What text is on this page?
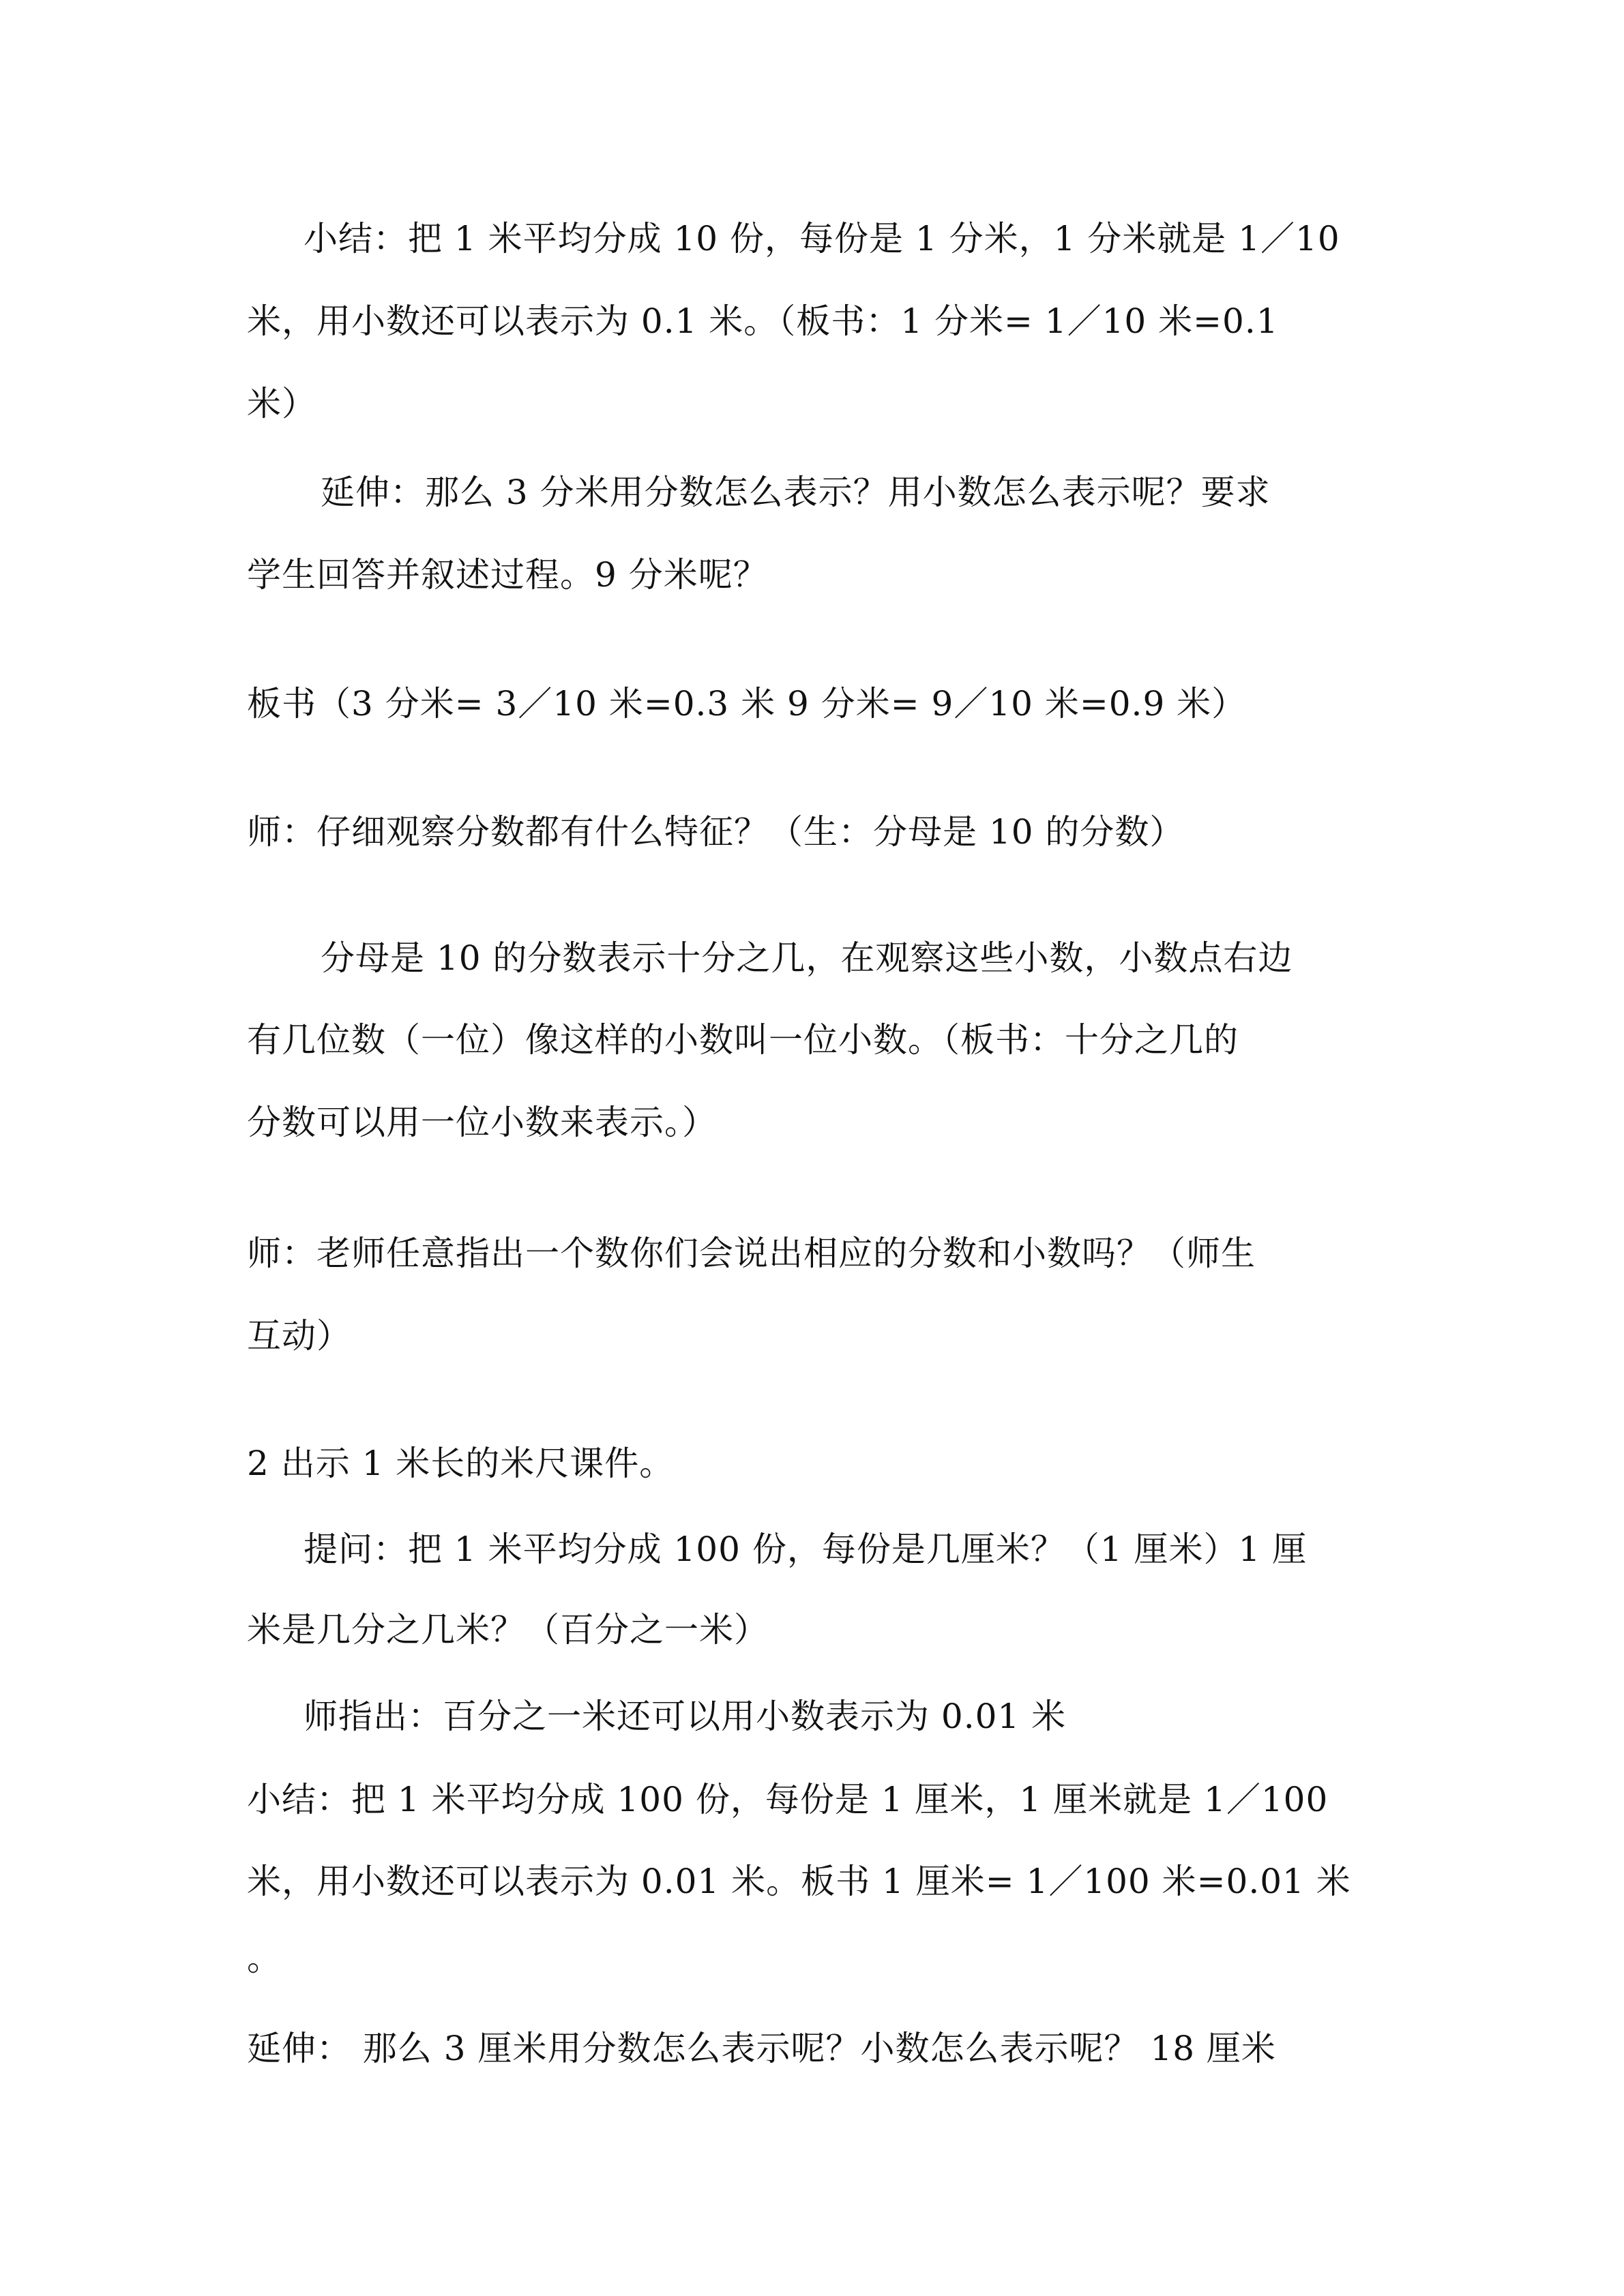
小结：把 1 米平均分成 10 份，每份是 1 分米，1 分米就是 1／10
米，用小数还可以表示为 0.1 米。（板书：1 分米= 1／10 米=0.1
米）
延伸：那么 3 分米用分数怎么表示？用小数怎么表示呢？要求
学生回答并叙述过程。9 分米呢？
板书（3 分米= 3／10 米=0.3 米 9 分米= 9／10 米=0.9 米）
师：仔细观察分数都有什么特征？（生：分母是 10 的分数）
分母是 10 的分数表示十分之几，在观察这些小数，小数点右边
有几位数（一位）像这样的小数叫一位小数。（板书：十分之几的
分数可以用一位小数来表示。）
师：老师任意指出一个数你们会说出相应的分数和小数吗？（师生
互动）
2 出示 1 米长的米尺课件。
提问：把 1 米平均分成 100 份，每份是几厘米？（1 厘米）1 厘
米是几分之几米？（百分之一米）
师指出：百分之一米还可以用小数表示为 0.01 米
小结：把 1 米平均分成 100 份，每份是 1 厘米，1 厘米就是 1／100
米，用小数还可以表示为 0.01 米。板书 1 厘米= 1／100 米=0.01 米
。
延伸： 那么 3 厘米用分数怎么表示呢？小数怎么表示呢？ 18 厘米
